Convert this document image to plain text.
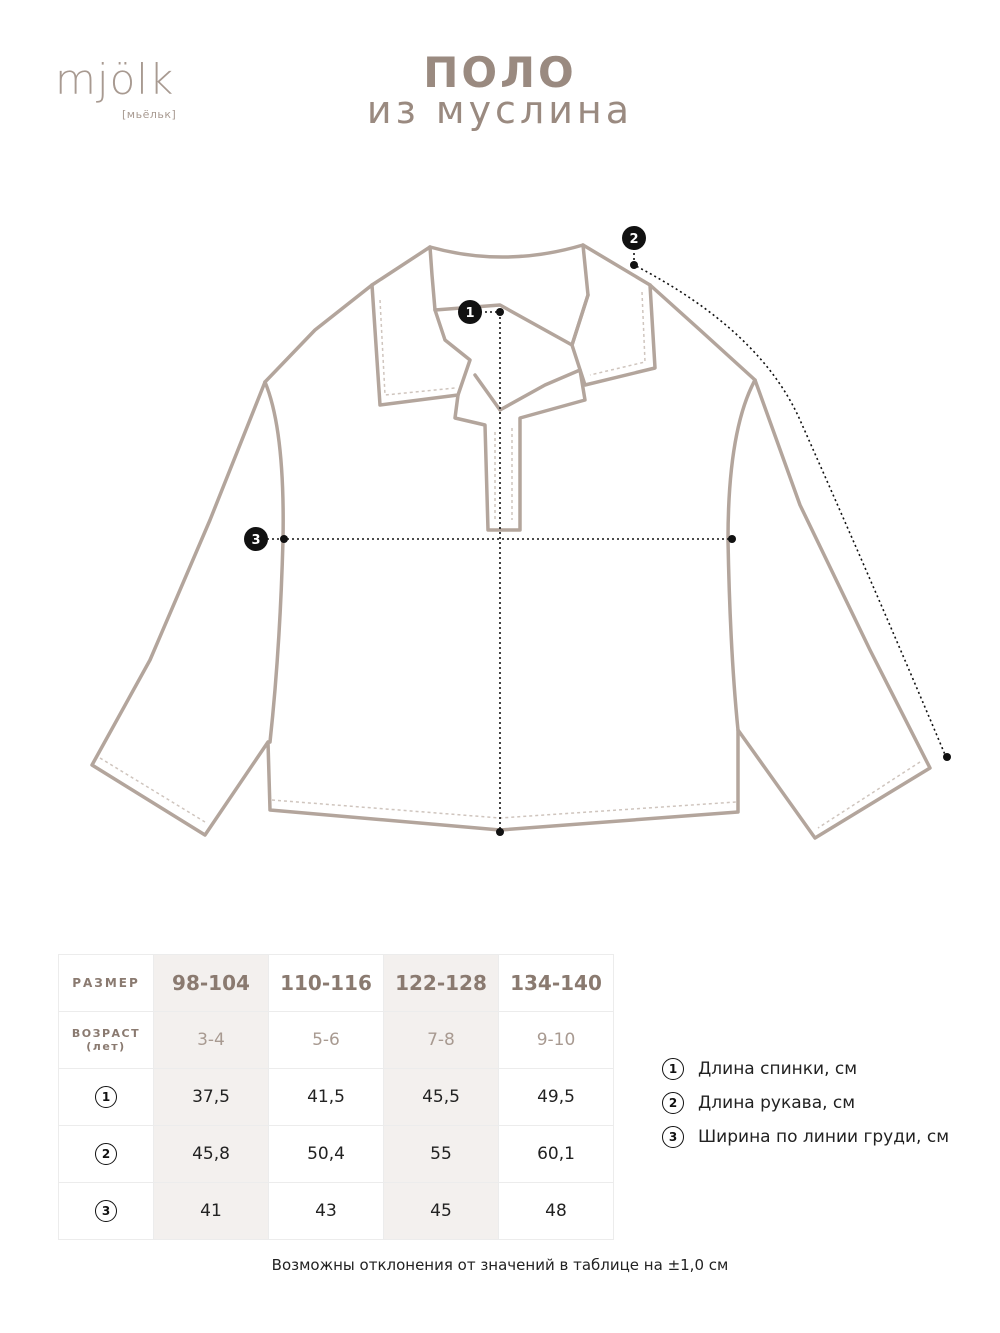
mjölk
[мьёльк]
ПОЛО
из муслина
1
2
3
РАЗМЕР	98-104	110-116	122-128	134-140

ВОЗРАСТ
(лет)	3-4	5-6	7-8	9-10
1	37,5	41,5	45,5	49,5
2	45,8	50,4	55	60,1
3	41	43	45	48
1	Длина спинки, см
2	Длина рукава, см
3	Ширина по линии груди, см
Возможны отклонения от значений в таблице на ±1,0 см
